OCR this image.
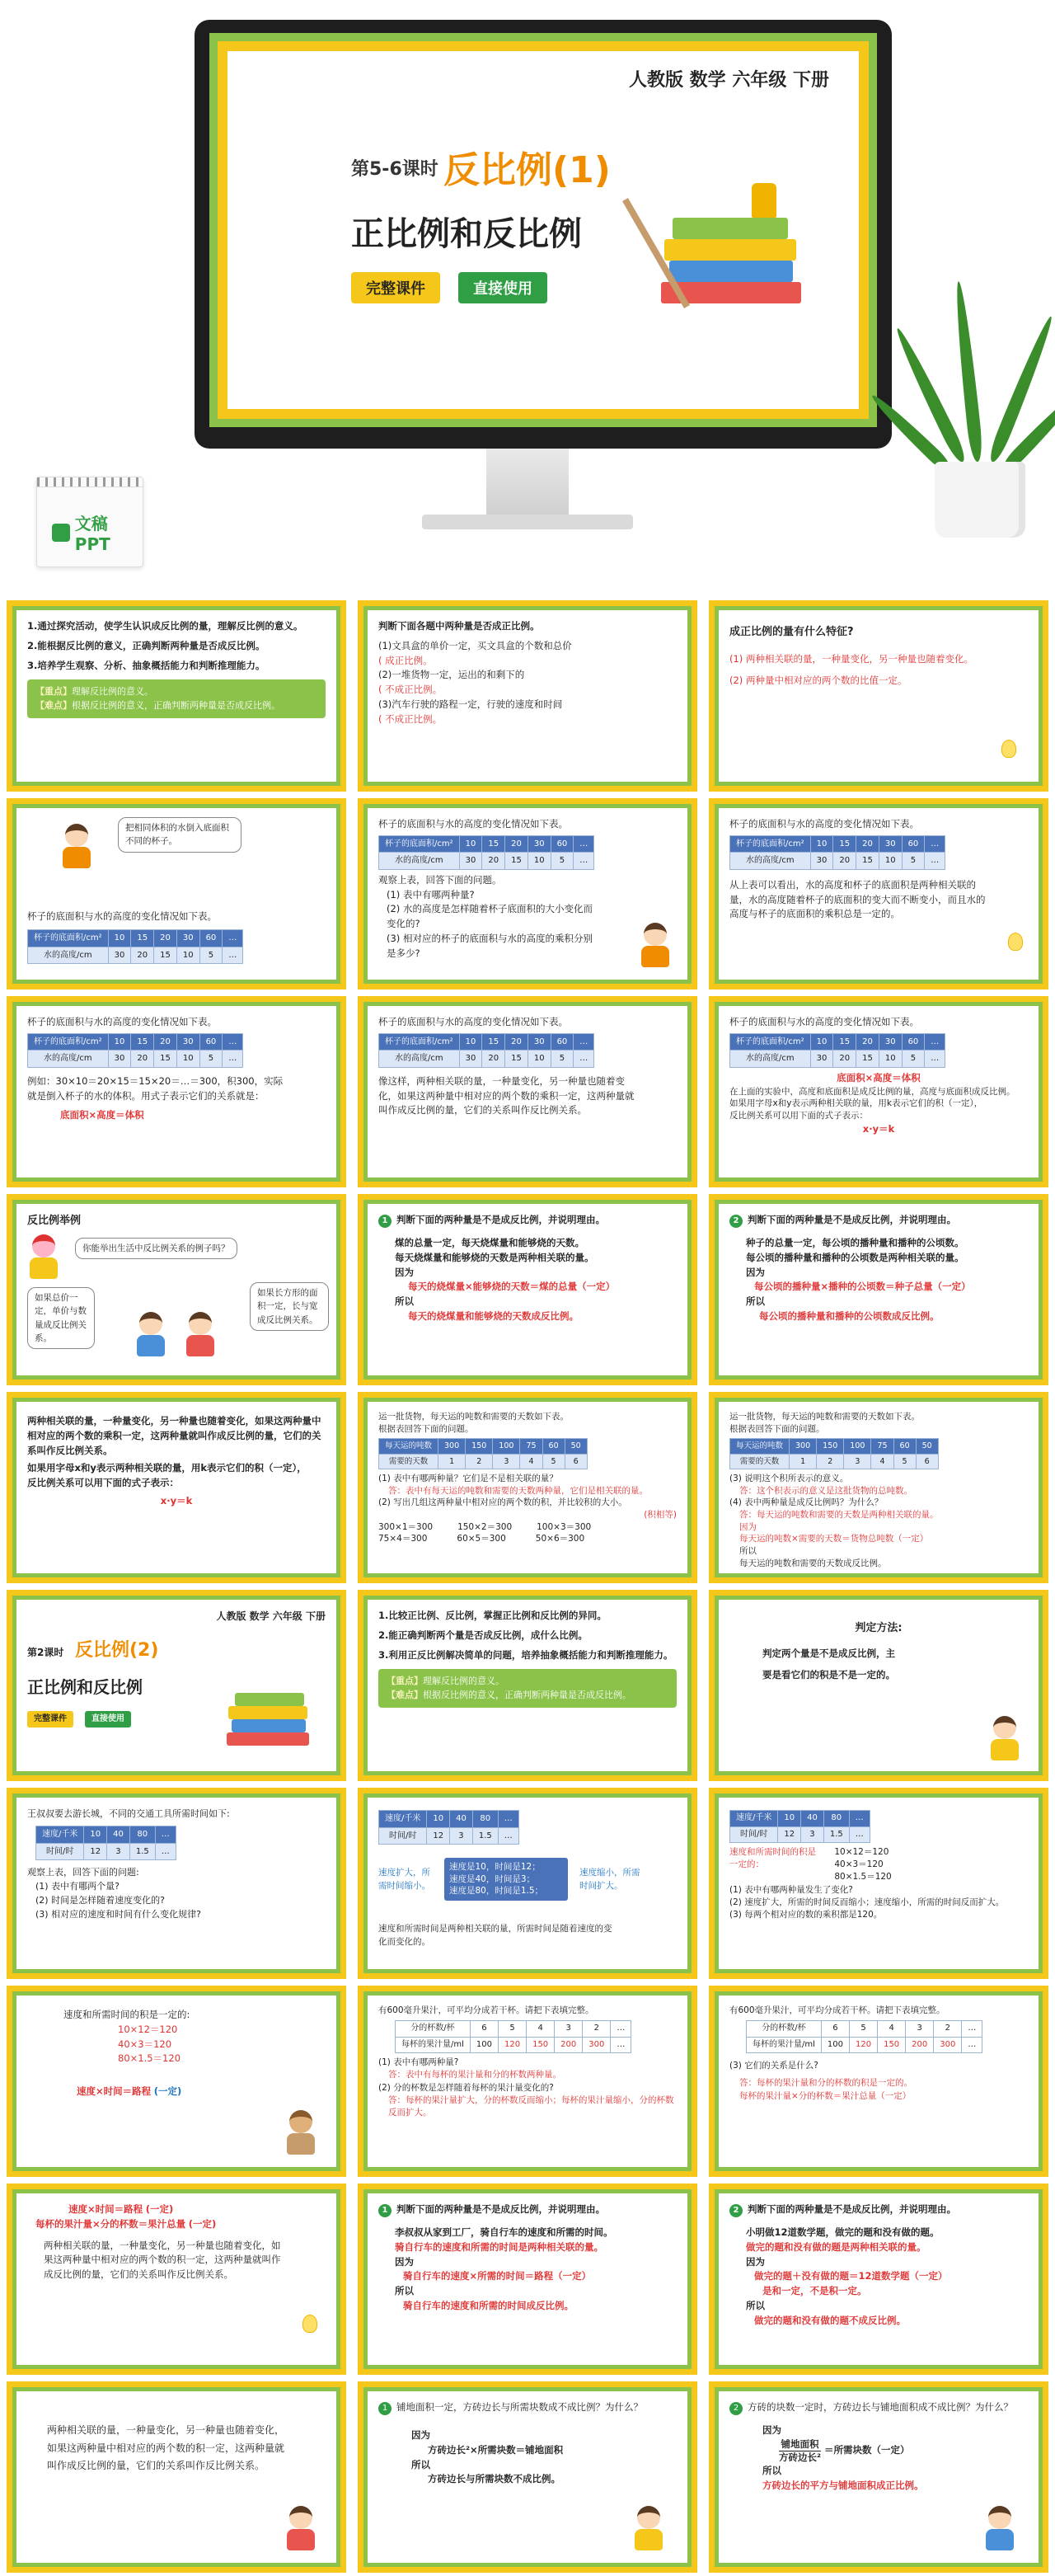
人教版 数学 六年级 下册
第5-6课时 反比例(1)
正比例和反比例
完整课件	直接使用
文稿PPT
1.通过探究活动，使学生认识成反比例的量，理解反比例的意义。
2.能根据反比例的意义，正确判断两种量是否成反比例。
3.培养学生观察、分析、抽象概括能力和判断推理能力。
【重点】理解反比例的意义。
【难点】根据反比例的意义，正确判断两种量是否成反比例。
判断下面各题中两种量是否成正比例。
(1)文具盒的单价一定，买文具盒的个数和总价
( 成正比例。
(2)一堆货物一定，运出的和剩下的
( 不成正比例。
(3)汽车行驶的路程一定，行驶的速度和时间
( 不成正比例。
成正比例的量有什么特征?
(1) 两种相关联的量，一种量变化，另一种量也随着变化。
(2) 两种量中相对应的两个数的比值一定。
把相同体积的水倒入底面积不同的杯子。
杯子的底面积与水的高度的变化情况如下表。
杯子的底面积/cm²	10	15	20	30	60	…
水的高度/cm	30	20	15	10	5	…
杯子的底面积与水的高度的变化情况如下表。
杯子的底面积/cm²	10	15	20	30	60	…
水的高度/cm	30	20	15	10	5	…
观察上表，回答下面的问题。
(1) 表中有哪两种量?
(2) 水的高度是怎样随着杯子底面积的大小变化而变化的?
(3) 相对应的杯子的底面积与水的高度的乘积分别是多少?
杯子的底面积与水的高度的变化情况如下表。
杯子的底面积/cm²	10	15	20	30	60	…
水的高度/cm	30	20	15	10	5	…
从上表可以看出，水的高度和杯子的底面积是两种相关联的量，水的高度随着杯子的底面积的变大而不断变小，而且水的高度与杯子的底面积的乘积总是一定的。
杯子的底面积与水的高度的变化情况如下表。
杯子的底面积/cm²	10	15	20	30	60	…
水的高度/cm	30	20	15	10	5	…
例如：30×10＝20×15＝15×20＝…＝300，积300，实际就是倒入杯子的水的体积。用式子表示它们的关系就是：
底面积×高度＝体积
杯子的底面积与水的高度的变化情况如下表。
杯子的底面积/cm²	10	15	20	30	60	…
水的高度/cm	30	20	15	10	5	…
像这样，两种相关联的量，一种量变化，另一种量也随着变化，如果这两种量中相对应的两个数的乘积一定，这两种量就叫作成反比例的量，它们的关系叫作反比例关系。
杯子的底面积与水的高度的变化情况如下表。
杯子的底面积/cm²	10	15	20	30	60	…
水的高度/cm	30	20	15	10	5	…
底面积×高度＝体积
在上面的实验中，高度和底面积是成反比例的量，高度与底面积成反比例。
如果用字母x和y表示两种相关联的量，用k表示它们的积（一定），
反比例关系可以用下面的式子表示：
x·y＝k
反比例举例
你能举出生活中反比例关系的例子吗？
如果总价一定，单价与数量成反比例关系。
如果长方形的面积一定，长与宽成反比例关系。
1 判断下面的两种量是不是成反比例，并说明理由。
煤的总量一定，每天烧煤量和能够烧的天数。
每天烧煤量和能够烧的天数是两种相关联的量。
因为
每天的烧煤量×能够烧的天数＝煤的总量（一定）
所以
每天的烧煤量和能够烧的天数成反比例。
2 判断下面的两种量是不是成反比例，并说明理由。
种子的总量一定，每公顷的播种量和播种的公顷数。
每公顷的播种量和播种的公顷数是两种相关联的量。
因为
每公顷的播种量×播种的公顷数＝种子总量（一定）
所以
每公顷的播种量和播种的公顷数成反比例。
两种相关联的量，一种量变化，另一种量也随着变化，如果这两种量中相对应的两个数的乘积一定，这两种量就叫作成反比例的量，它们的关系叫作反比例关系。
如果用字母x和y表示两种相关联的量，用k表示它们的积（一定），
反比例关系可以用下面的式子表示：
x·y＝k
运一批货物，每天运的吨数和需要的天数如下表。
根据表回答下面的问题。
每天运的吨数	300	150	100	75	60	50
需要的天数	1	2	3	4	5	6
(1) 表中有哪两种量？它们是不是相关联的量？
答：表中有每天运的吨数和需要的天数两种量，它们是相关联的量。
(2) 写出几组这两种量中相对应的两个数的积，并比较积的大小。
(积相等)
300×1＝300	150×2＝300	100×3＝300
75×4＝300	60×5＝300	50×6＝300
运一批货物，每天运的吨数和需要的天数如下表。
根据表回答下面的问题。
每天运的吨数	300	150	100	75	60	50
需要的天数	1	2	3	4	5	6
(3) 说明这个积所表示的意义。
答：这个积表示的意义是这批货物的总吨数。
(4) 表中两种量是成反比例吗？为什么？
答：每天运的吨数和需要的天数是两种相关联的量。
因为
每天运的吨数×需要的天数＝货物总吨数（一定）
所以
每天运的吨数和需要的天数成反比例。
人教版 数学 六年级 下册
第2课时 反比例(2)
正比例和反比例
完整课件	直接使用
1.比较正比例、反比例，掌握正比例和反比例的异同。
2.能正确判断两个量是否成反比例，成什么比例。
3.利用正反比例解决简单的问题，培养抽象概括能力和判断推理能力。
【重点】理解反比例的意义。
【难点】根据反比例的意义，正确判断两种量是否成反比例。
判定方法:
判定两个量是不是成反比例，主
要是看它们的积是不是一定的。
王叔叔要去游长城，不同的交通工具所需时间如下:
速度/千米	10	40	80	…
时间/时	12	3	1.5	…
观察上表，回答下面的问题:
(1) 表中有哪两个量?
(2) 时间是怎样随着速度变化的?
(3) 相对应的速度和时间有什么变化规律?
速度/千米	10	40	80	…
时间/时	12	3	1.5	…
速度扩大，所需时间缩小。
速度是10，时间是12；
速度是40，时间是3；
速度是80，时间是1.5；
速度缩小，所需时间扩大。
速度和所需时间是两种相关联的量，所需时间是随着速度的变化而变化的。
速度/千米	10	40	80	…
时间/时	12	3	1.5	…
速度和所需时间的积是一定的：
10×12＝120
40×3＝120
80×1.5＝120
(1) 表中有哪两种量发生了变化?
(2) 速度扩大，所需的时间反而缩小；速度缩小，所需的时间反而扩大。
(3) 每两个相对应的数的乘积都是120。
速度和所需时间的积是一定的:
10×12＝120
40×3＝120
80×1.5＝120
速度×时间＝路程 (一定)
有600毫升果汁，可平均分成若干杯。请把下表填完整。
分的杯数/杯	6	5	4	3	2	…
每杯的果汁量/ml	100	120	150	200	300	…
(1) 表中有哪两种量?
答：表中有每杯的果汁量和分的杯数两种量。
(2) 分的杯数是怎样随着每杯的果汁量变化的?
答：每杯的果汁量扩大，分的杯数反而缩小；每杯的果汁量缩小，分的杯数反而扩大。
有600毫升果汁，可平均分成若干杯。请把下表填完整。
分的杯数/杯	6	5	4	3	2	…
每杯的果汁量/ml	100	120	150	200	300	…
(3) 它们的关系是什么?
答：每杯的果汁量和分的杯数的积是一定的。
每杯的果汁量×分的杯数＝果汁总量（一定）
速度×时间＝路程 (一定)
每杯的果汁量×分的杯数＝果汁总量 (一定)
两种相关联的量，一种量变化，另一种量也随着变化，如果这两种量中相对应的两个数的积一定，这两种量就叫作成反比例的量，它们的关系叫作反比例关系。
1 判断下面的两种量是不是成反比例，并说明理由。
李叔叔从家到工厂，骑自行车的速度和所需的时间。
骑自行车的速度和所需的时间是两种相关联的量。
因为
骑自行车的速度×所需的时间＝路程（一定）
所以
骑自行车的速度和所需的时间成反比例。
2 判断下面的两种量是不是成反比例，并说明理由。
小明做12道数学题，做完的题和没有做的题。
做完的题和没有做的题是两种相关联的量。
因为
做完的题＋没有做的题＝12道数学题（一定）
是和一定，不是积一定。
所以
做完的题和没有做的题不成反比例。
两种相关联的量，一种量变化，另一种量也随着变化，如果这两种量中相对应的两个数的积一定，这两种量就叫作成反比例的量，它们的关系叫作反比例关系。
1 铺地面积一定，方砖边长与所需块数成不成比例？为什么？
因为
方砖边长²×所需块数＝铺地面积
所以
方砖边长与所需块数不成比例。
2 方砖的块数一定时，方砖边长与铺地面积成不成比例？为什么？
因为
铺地面积
方砖边长²
＝所需块数（一定）
所以
方砖边长的平方与铺地面积成正比例。
